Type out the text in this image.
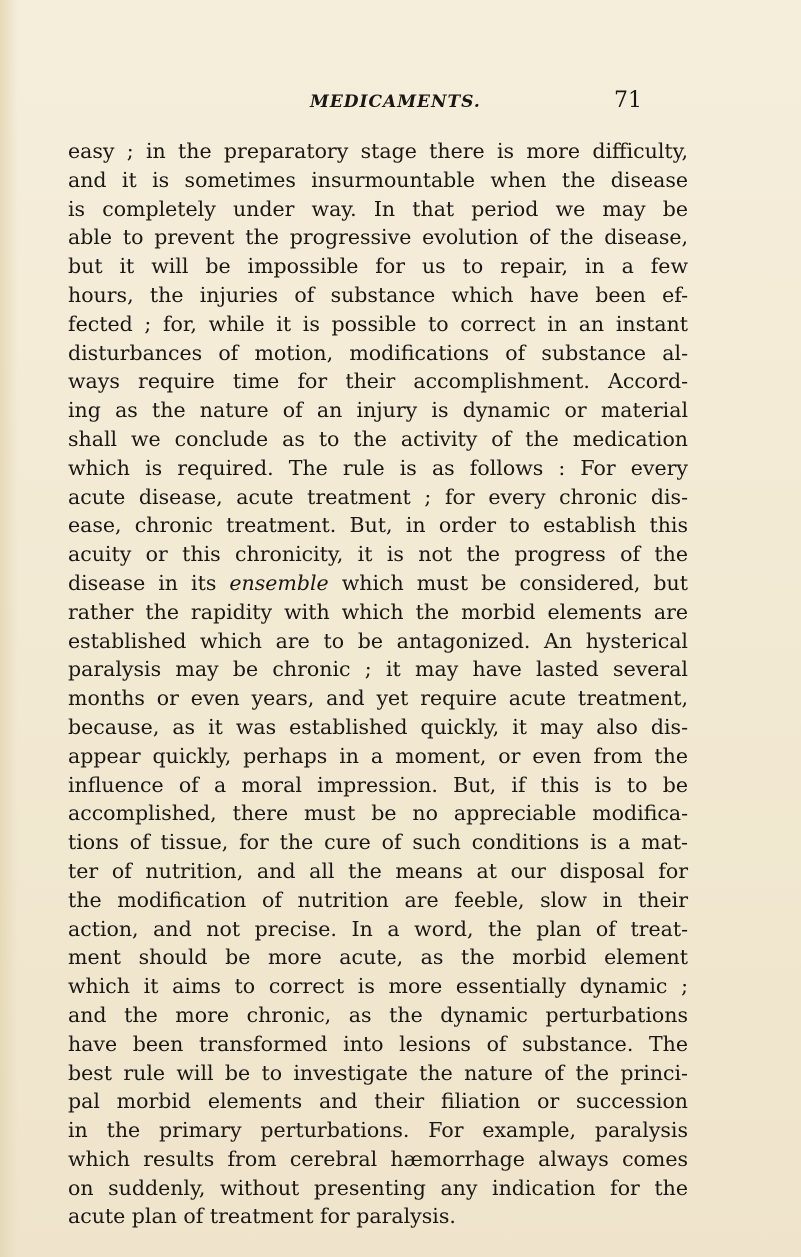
MEDICAMENTS.	71
easy ; in the preparatory stage there is more difficulty,
and it is sometimes insurmountable when the disease
is completely under way. In that period we may be
able to prevent the progressive evolution of the disease,
but it will be impossible for us to repair, in a few
hours, the injuries of substance which have been ef-
fected ; for, while it is possible to correct in an instant
disturbances of motion, modifications of substance al-
ways require time for their accomplishment. Accord-
ing as the nature of an injury is dynamic or material
shall we conclude as to the activity of the medication
which is required. The rule is as follows : For every
acute disease, acute treatment ; for every chronic dis-
ease, chronic treatment. But, in order to establish this
acuity or this chronicity, it is not the progress of the
disease in its ensemble which must be considered, but
rather the rapidity with which the morbid elements are
established which are to be antagonized. An hysterical
paralysis may be chronic ; it may have lasted several
months or even years, and yet require acute treatment,
because, as it was established quickly, it may also dis-
appear quickly, perhaps in a moment, or even from the
influence of a moral impression. But, if this is to be
accomplished, there must be no appreciable modifica-
tions of tissue, for the cure of such conditions is a mat-
ter of nutrition, and all the means at our disposal for
the modification of nutrition are feeble, slow in their
action, and not precise. In a word, the plan of treat-
ment should be more acute, as the morbid element
which it aims to correct is more essentially dynamic ;
and the more chronic, as the dynamic perturbations
have been transformed into lesions of substance. The
best rule will be to investigate the nature of the princi-
pal morbid elements and their filiation or succession
in the primary perturbations. For example, paralysis
which results from cerebral hæmorrhage always comes
on suddenly, without presenting any indication for the
acute plan of treatment for paralysis.
